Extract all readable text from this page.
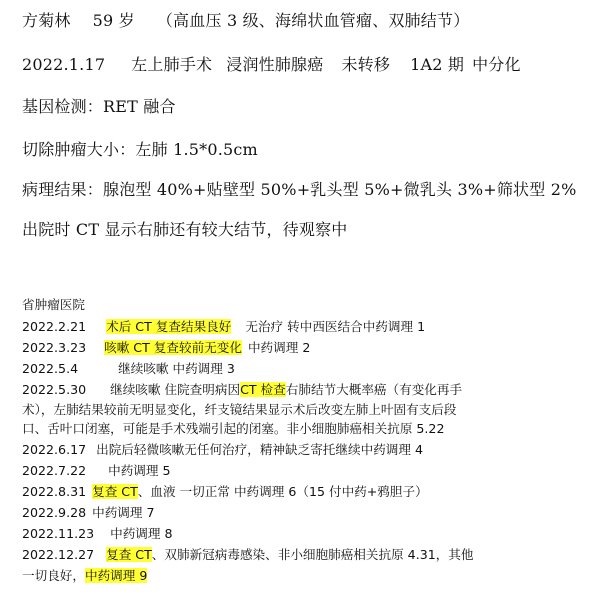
方菊林 59 岁 （高血压 3 级、海绵状血管瘤、双肺结节）
2022.1.17 左上肺手术 浸润性肺腺癌 未转移 1A2 期 中分化
基因检测：RET 融合
切除肿瘤大小：左肺 1.5*0.5cm
病理结果：腺泡型 40%+贴壁型 50%+乳头型 5%+微乳头 3%+筛状型 2%
出院时 CT 显示右肺还有较大结节，待观察中
省肿瘤医院
2022.2.21 术后 CT 复查结果良好 无治疗 转中西医结合中药调理 1
2022.3.23 咳嗽 CT 复查较前无变化 中药调理 2
2022.5.4	继续咳嗽 中药调理 3
2022.5.30 继续咳嗽 住院查明病因CT 检查右肺结节大概率癌（有变化再手
术），左肺结果较前无明显变化，纤支镜结果显示术后改变左肺上叶固有支后段
口、舌叶口闭塞，可能是手术残端引起的闭塞。非小细胞肺癌相关抗原 5.22
2022.6.17 出院后轻微咳嗽无任何治疗，精神缺乏寄托继续中药调理 4
2022.7.22 中药调理 5
2022.8.31 复查 CT、血液 一切正常 中药调理 6（15 付中药+鸦胆子）
2022.9.28 中药调理 7
2022.11.23 中药调理 8
2022.12.27 复查 CT、双肺新冠病毒感染、非小细胞肺癌相关抗原 4.31，其他
一切良好，中药调理 9
